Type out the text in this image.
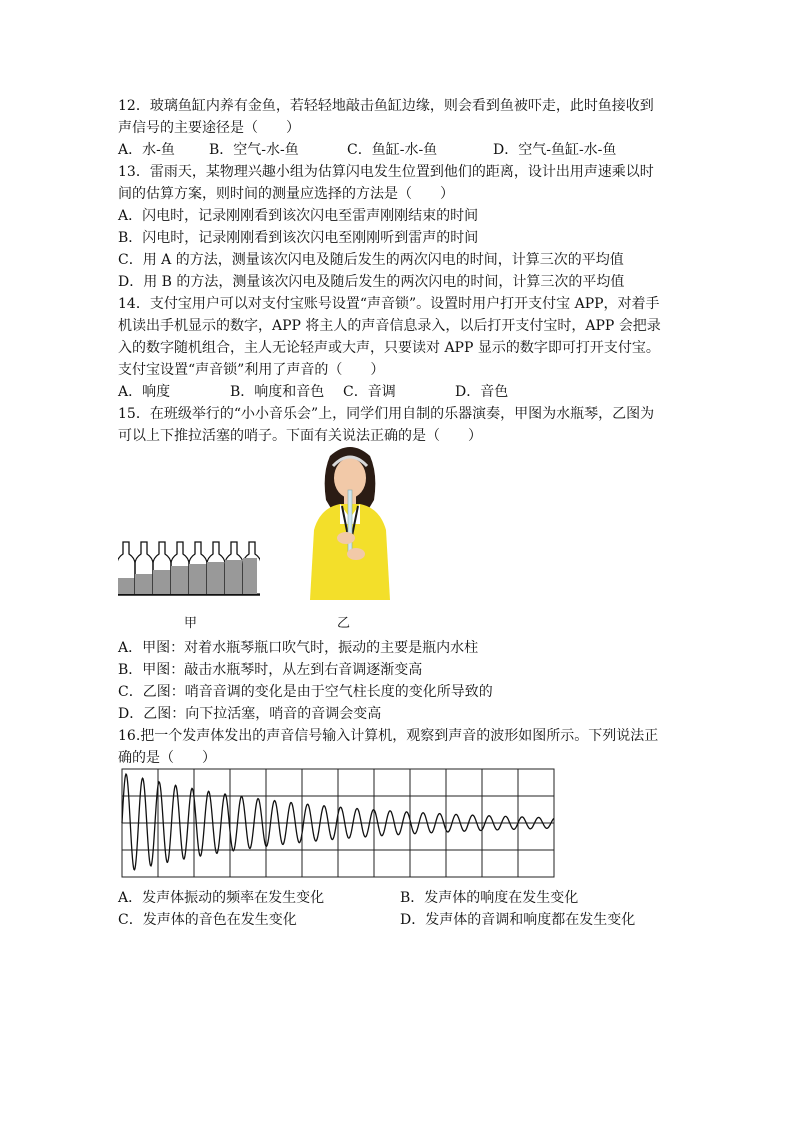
12．玻璃鱼缸内养有金鱼，若轻轻地敲击鱼缸边缘，则会看到鱼被吓走，此时鱼接收到
声信号的主要途径是（　　）
A．水-鱼 B．空气-水-鱼	C．鱼缸-水-鱼	D．空气-鱼缸-水-鱼
13．雷雨天，某物理兴趣小组为估算闪电发生位置到他们的距离，设计出用声速乘以时
间的估算方案，则时间的测量应选择的方法是（　　）
A．闪电时，记录刚刚看到该次闪电至雷声刚刚结束的时间
B．闪电时，记录刚刚看到该次闪电至刚刚听到雷声的时间
C．用 A 的方法，测量该次闪电及随后发生的两次闪电的时间，计算三次的平均值
D．用 B 的方法，测量该次闪电及随后发生的两次闪电的时间，计算三次的平均值
14．支付宝用户可以对支付宝账号设置“声音锁”。设置时用户打开支付宝 APP，对着手
机读出手机显示的数字，APP 将主人的声音信息录入，以后打开支付宝时，APP 会把录
入的数字随机组合，主人无论轻声或大声，只要读对 APP 显示的数字即可打开支付宝。
支付宝设置“声音锁”利用了声音的（　　）
A．响度	B．响度和音色 C．音调	D．音色
15．在班级举行的“小小音乐会”上，同学们用自制的乐器演奏，甲图为水瓶琴，乙图为
可以上下推拉活塞的哨子。下面有关说法正确的是（　　）
甲	乙
A．甲图：对着水瓶琴瓶口吹气时，振动的主要是瓶内水柱
B．甲图：敲击水瓶琴时，从左到右音调逐渐变高
C．乙图：哨音音调的变化是由于空气柱长度的变化所导致的
D．乙图：向下拉活塞，哨音的音调会变高
16.把一个发声体发出的声音信号输入计算机，观察到声音的波形如图所示。下列说法正
确的是（　　）
A．发声体振动的频率在发生变化	B．发声体的响度在发生变化
C．发声体的音色在发生变化	D．发声体的音调和响度都在发生变化
